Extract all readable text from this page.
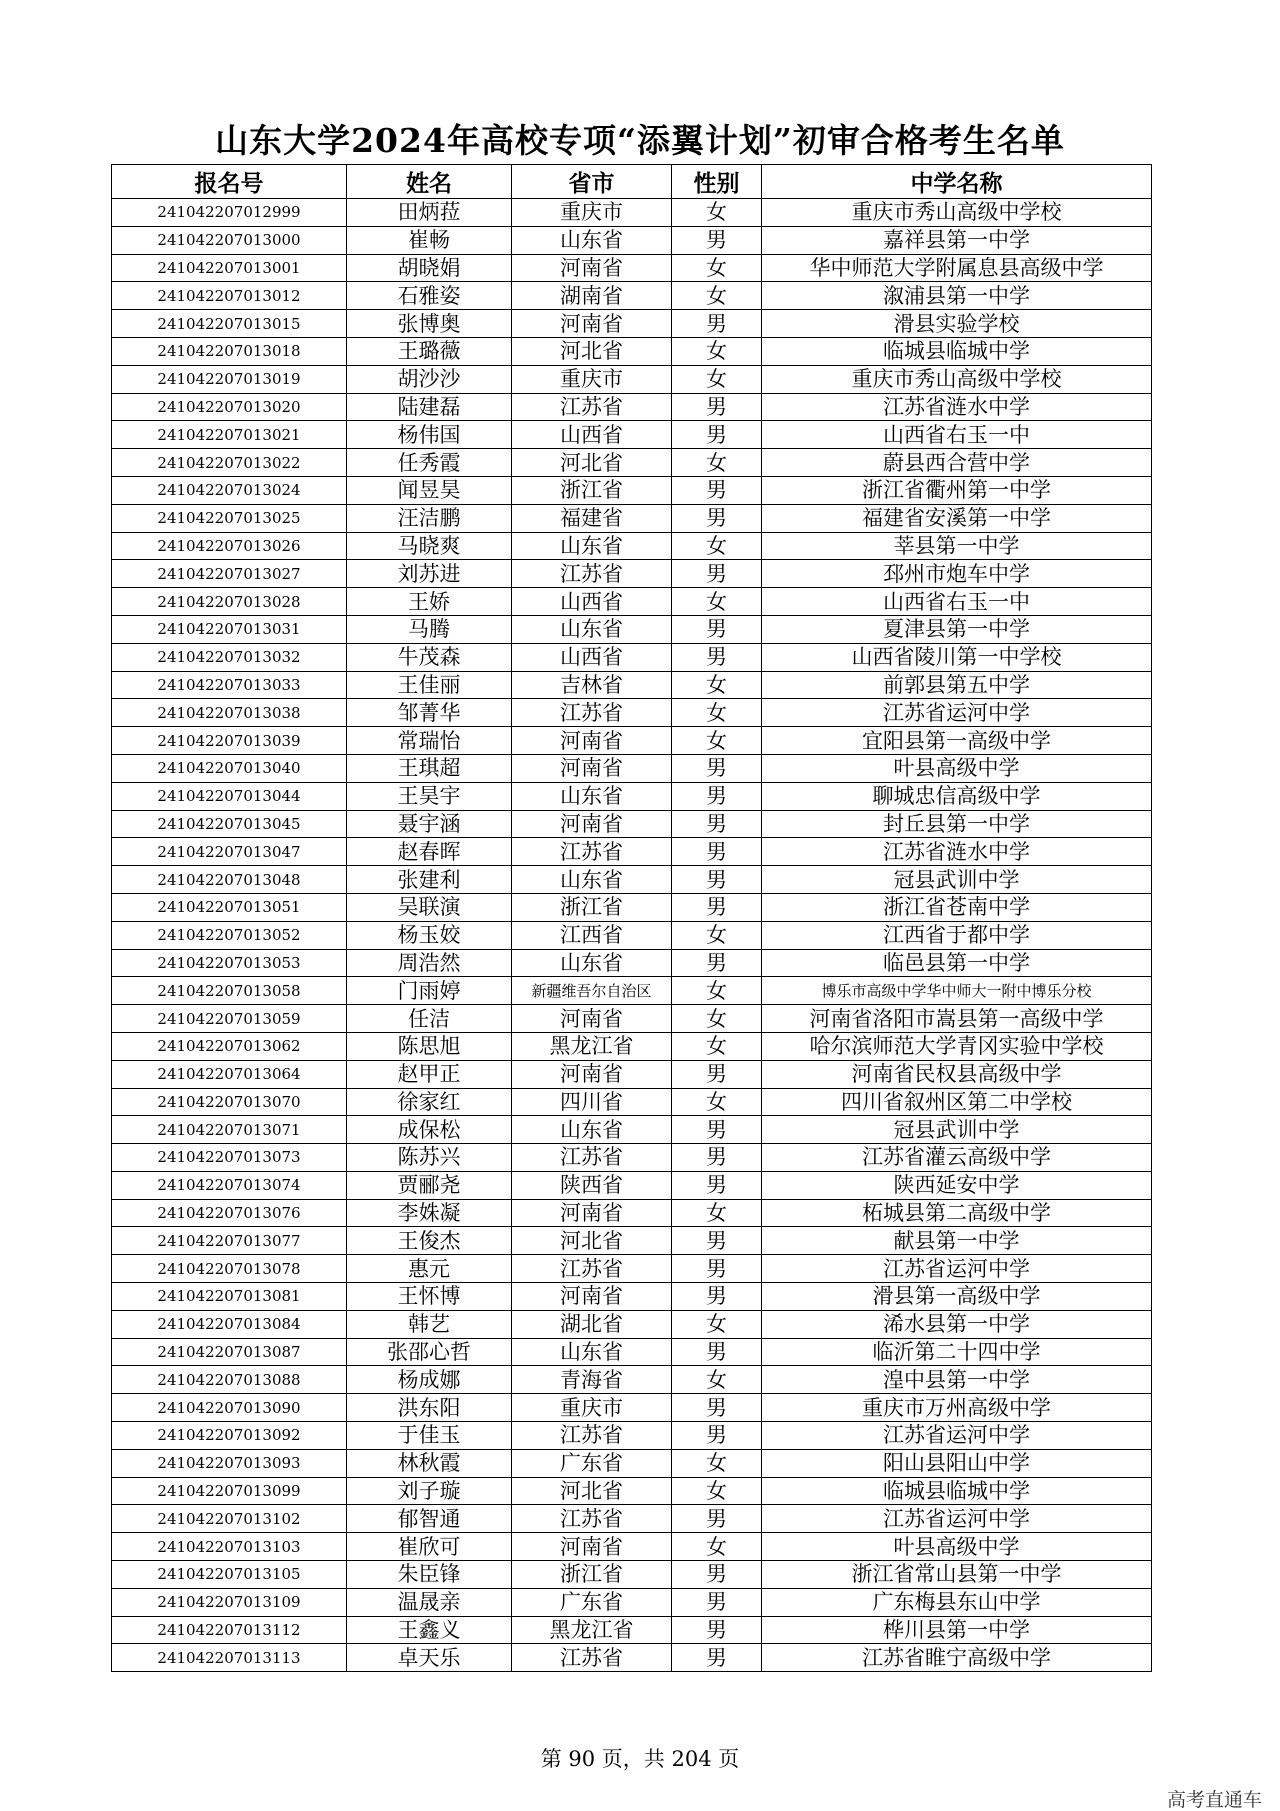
山东大学2024年高校专项“添翼计划”初审合格考生名单
报名号	姓名	省市	性别	中学名称
241042207012999	田炳菈	重庆市	女	重庆市秀山高级中学校
241042207013000	崔畅	山东省	男	嘉祥县第一中学
241042207013001	胡晓娟	河南省	女	华中师范大学附属息县高级中学
241042207013012	石雅姿	湖南省	女	溆浦县第一中学
241042207013015	张博奥	河南省	男	滑县实验学校
241042207013018	王璐薇	河北省	女	临城县临城中学
241042207013019	胡沙沙	重庆市	女	重庆市秀山高级中学校
241042207013020	陆建磊	江苏省	男	江苏省涟水中学
241042207013021	杨伟国	山西省	男	山西省右玉一中
241042207013022	任秀霞	河北省	女	蔚县西合营中学
241042207013024	闻昱昊	浙江省	男	浙江省衢州第一中学
241042207013025	汪洁鹏	福建省	男	福建省安溪第一中学
241042207013026	马晓爽	山东省	女	莘县第一中学
241042207013027	刘苏进	江苏省	男	邳州市炮车中学
241042207013028	王娇	山西省	女	山西省右玉一中
241042207013031	马腾	山东省	男	夏津县第一中学
241042207013032	牛茂森	山西省	男	山西省陵川第一中学校
241042207013033	王佳丽	吉林省	女	前郭县第五中学
241042207013038	邹菁华	江苏省	女	江苏省运河中学
241042207013039	常瑞怡	河南省	女	宜阳县第一高级中学
241042207013040	王琪超	河南省	男	叶县高级中学
241042207013044	王昊宇	山东省	男	聊城忠信高级中学
241042207013045	聂宇涵	河南省	男	封丘县第一中学
241042207013047	赵春晖	江苏省	男	江苏省涟水中学
241042207013048	张建利	山东省	男	冠县武训中学
241042207013051	吴联演	浙江省	男	浙江省苍南中学
241042207013052	杨玉姣	江西省	女	江西省于都中学
241042207013053	周浩然	山东省	男	临邑县第一中学
241042207013058	门雨婷	新疆维吾尔自治区	女	博乐市高级中学华中师大一附中博乐分校
241042207013059	任洁	河南省	女	河南省洛阳市嵩县第一高级中学
241042207013062	陈思旭	黑龙江省	女	哈尔滨师范大学青冈实验中学校
241042207013064	赵甲正	河南省	男	河南省民权县高级中学
241042207013070	徐家红	四川省	女	四川省叙州区第二中学校
241042207013071	成保松	山东省	男	冠县武训中学
241042207013073	陈苏兴	江苏省	男	江苏省灌云高级中学
241042207013074	贾郦尧	陕西省	男	陕西延安中学
241042207013076	李姝凝	河南省	女	柘城县第二高级中学
241042207013077	王俊杰	河北省	男	献县第一中学
241042207013078	惠元	江苏省	男	江苏省运河中学
241042207013081	王怀博	河南省	男	滑县第一高级中学
241042207013084	韩艺	湖北省	女	浠水县第一中学
241042207013087	张邵心哲	山东省	男	临沂第二十四中学
241042207013088	杨成娜	青海省	女	湟中县第一中学
241042207013090	洪东阳	重庆市	男	重庆市万州高级中学
241042207013092	于佳玉	江苏省	男	江苏省运河中学
241042207013093	林秋霞	广东省	女	阳山县阳山中学
241042207013099	刘子璇	河北省	女	临城县临城中学
241042207013102	郁智通	江苏省	男	江苏省运河中学
241042207013103	崔欣可	河南省	女	叶县高级中学
241042207013105	朱臣锋	浙江省	男	浙江省常山县第一中学
241042207013109	温晟亲	广东省	男	广东梅县东山中学
241042207013112	王鑫义	黑龙江省	男	桦川县第一中学
241042207013113	卓天乐	江苏省	男	江苏省睢宁高级中学
第 90 页，共 204 页
高考直通车
